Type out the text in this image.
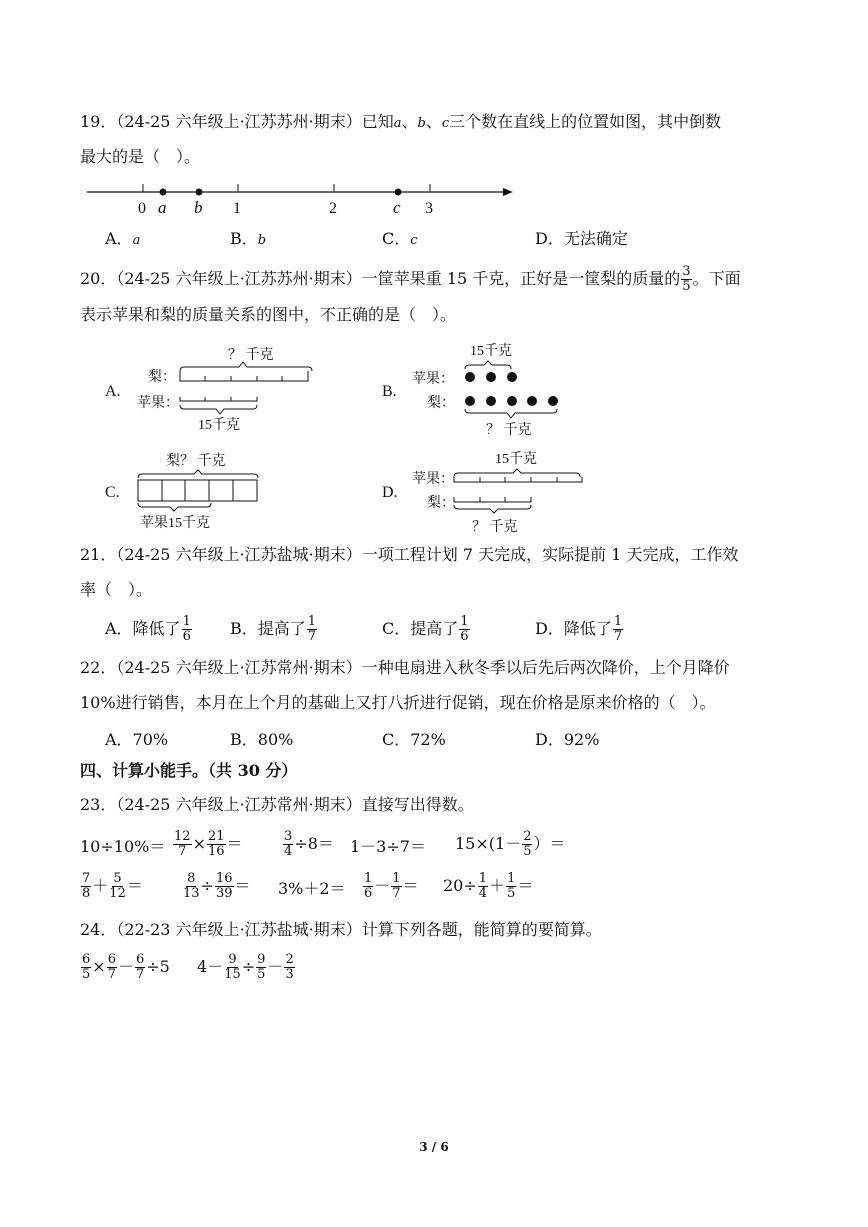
19．（24-25 六年级上·江苏苏州·期末）已知a、b、c三个数在直线上的位置如图，其中倒数
最大的是（　）。
0	1	2	3
a b	c
A．a	B．b	C．c	D．无法确定
20．（24-25 六年级上·江苏苏州·期末）一筐苹果重 15 千克，正好是一筐梨的质量的 $\frac{3}{5}$ 。下面
表示苹果和梨的质量关系的图中，不正确的是（　）。
A.
？ 千克
梨：
苹果：
15千克
B.
15千克
苹果：
梨：
？ 千克
C.
梨？ 千克
苹果15千克
D.
15千克
苹果：
梨：
？ 千克
21．（24-25 六年级上·江苏盐城·期末）一项工程计划 7 天完成，实际提前 1 天完成，工作效
率（　）。
A．降低了 $\frac{1}{6}$ B．提高了 $\frac{1}{7}$	C．提高了 $\frac{1}{6}$	D．降低了 $\frac{1}{7}$
22．（24-25 六年级上·江苏常州·期末）一种电扇进入秋冬季以后先后两次降价，上个月降价
10%进行销售，本月在上个月的基础上又打八折进行促销，现在价格是原来价格的（　）。
A．70%	B．80%	C．72%	D．92%
四、计算小能手。（共 30 分）
23．（24-25 六年级上·江苏常州·期末）直接写出得数。
$10\div 10\%= \frac{12}{7} \times \frac{21}{16}$ ＝	$\frac{3}{4} \div 8= 1-3\div 7= 15\times(1- \frac{2}{5}$ ）＝
$\frac{7}{8} + \frac{5}{12}$ ＝	$\frac{8}{13} \div \frac{16}{39} = 3\%+2= \frac{1}{6} - \frac{1}{7} = 20\div \frac{1}{4} + \frac{1}{5}$ ＝
24．（22-23 六年级上·江苏盐城·期末）计算下列各题，能简算的要简算。
$\frac{6}{5} \times \frac{6}{7} - \frac{6}{7} \div 5$ $4- \frac{9}{15} \div \frac{9}{5} - \frac{2}{3}$
3 / 6
